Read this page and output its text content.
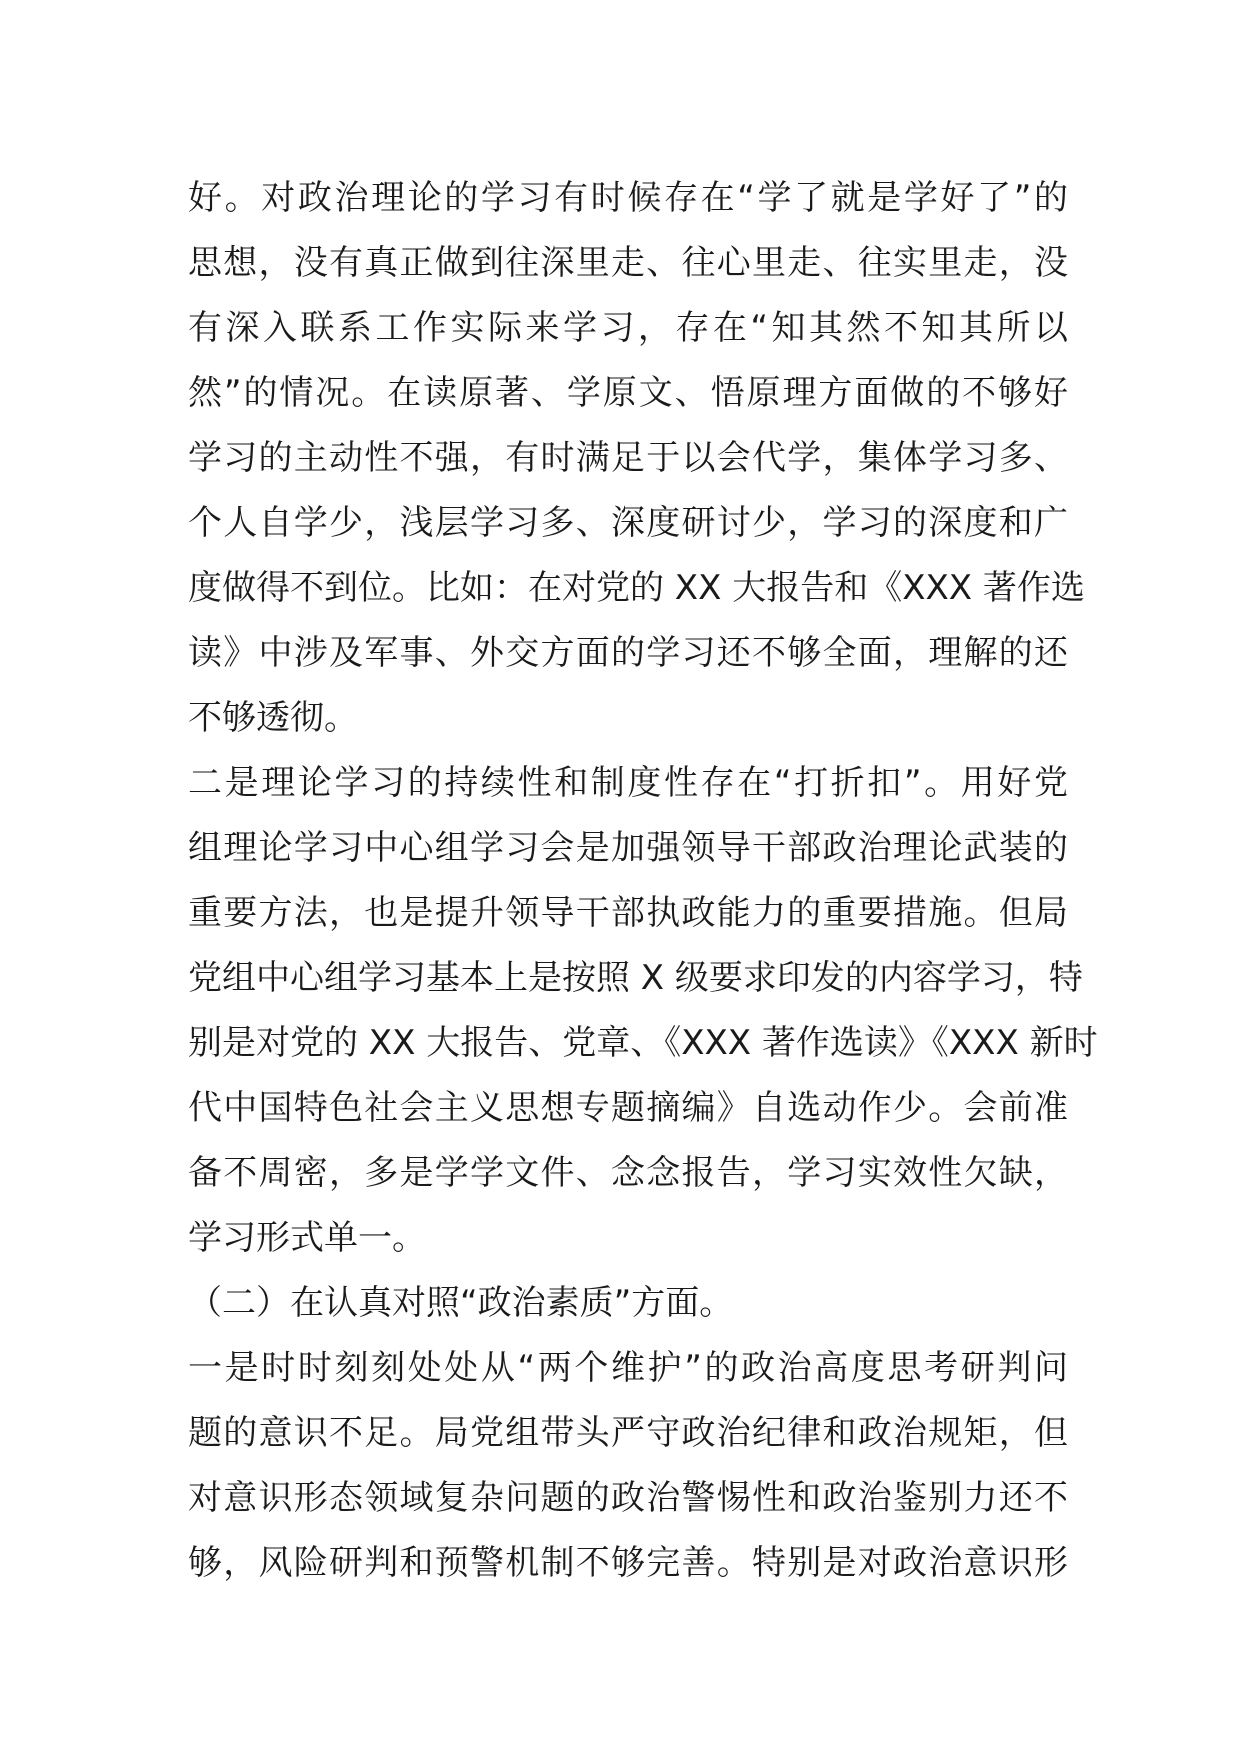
好。对政治理论的学习有时候存在“学了就是学好了”的
思想，没有真正做到往深里走、往心里走、往实里走，没
有深入联系工作实际来学习，存在“知其然不知其所以
然”的情况。在读原著、学原文、悟原理方面做的不够好
学习的主动性不强，有时满足于以会代学，集体学习多、
个人自学少，浅层学习多、深度研讨少，学习的深度和广
度做得不到位。比如：在对党的 XX 大报告和《XXX 著作选
读》中涉及军事、外交方面的学习还不够全面，理解的还
不够透彻。
二是理论学习的持续性和制度性存在“打折扣”。用好党
组理论学习中心组学习会是加强领导干部政治理论武装的
重要方法，也是提升领导干部执政能力的重要措施。但局
党组中心组学习基本上是按照 X 级要求印发的内容学习，特
别是对党的 XX 大报告、党章、《XXX 著作选读》《XXX 新时
代中国特色社会主义思想专题摘编》自选动作少。会前准
备不周密，多是学学文件、念念报告，学习实效性欠缺，
学习形式单一。
（二）在认真对照“政治素质”方面。
一是时时刻刻处处从“两个维护”的政治高度思考研判问
题的意识不足。局党组带头严守政治纪律和政治规矩，但
对意识形态领域复杂问题的政治警惕性和政治鉴别力还不
够，风险研判和预警机制不够完善。特别是对政治意识形
